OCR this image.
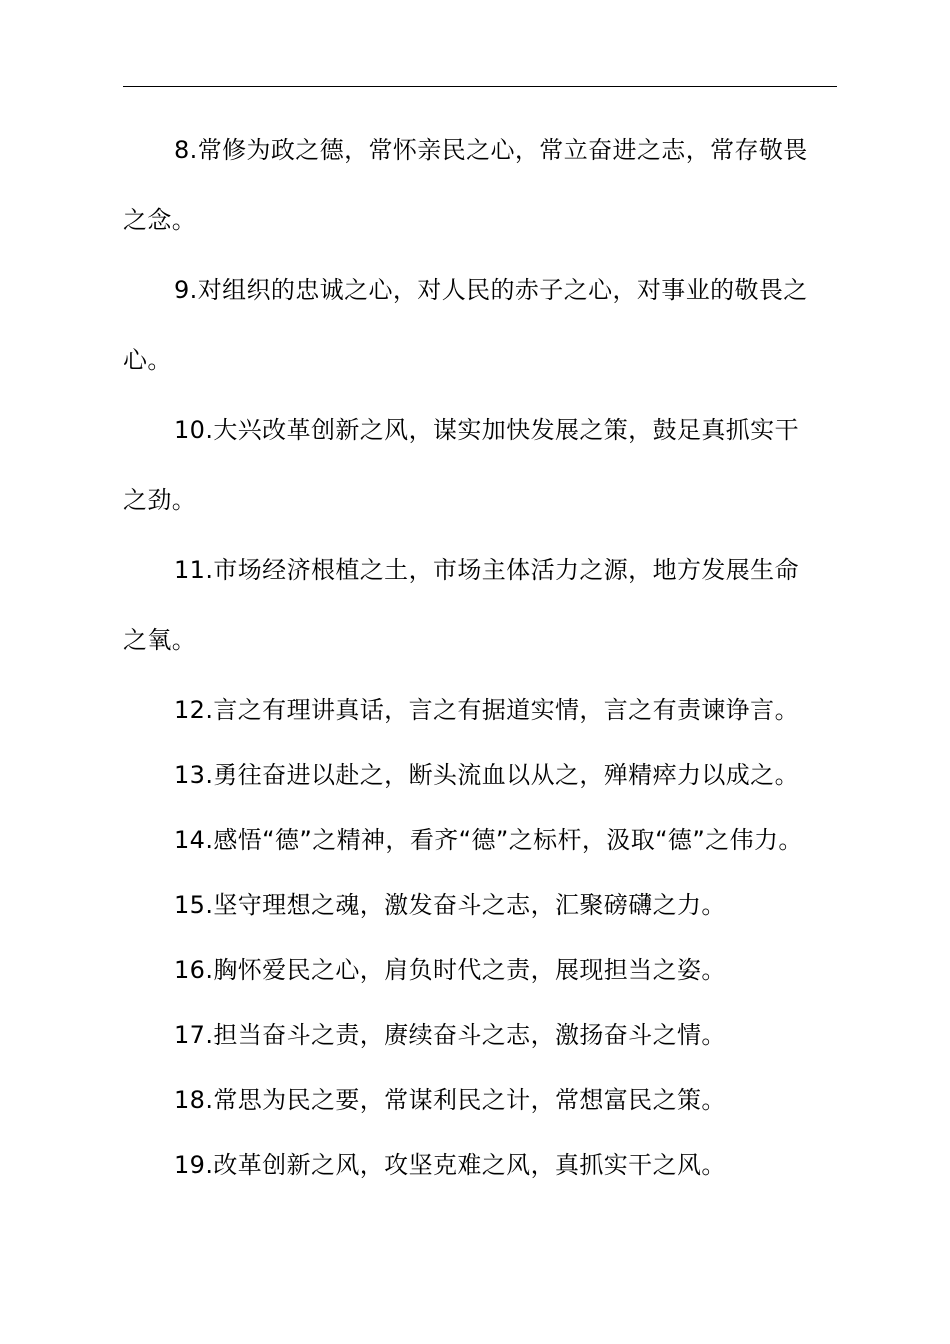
8.常修为政之德，常怀亲民之心，常立奋进之志，常存敬畏
之念。
9.对组织的忠诚之心，对人民的赤子之心，对事业的敬畏之
心。
10.大兴改革创新之风，谋实加快发展之策，鼓足真抓实干
之劲。
11.市场经济根植之土，市场主体活力之源，地方发展生命
之氧。
12.言之有理讲真话，言之有据道实情，言之有责谏诤言。
13.勇往奋进以赴之，断头流血以从之，殚精瘁力以成之。
14.感悟“德”之精神，看齐“德”之标杆，汲取“德”之伟力。
15.坚守理想之魂，激发奋斗之志，汇聚磅礴之力。
16.胸怀爱民之心，肩负时代之责，展现担当之姿。
17.担当奋斗之责，赓续奋斗之志，激扬奋斗之情。
18.常思为民之要，常谋利民之计，常想富民之策。
19.改革创新之风，攻坚克难之风，真抓实干之风。
